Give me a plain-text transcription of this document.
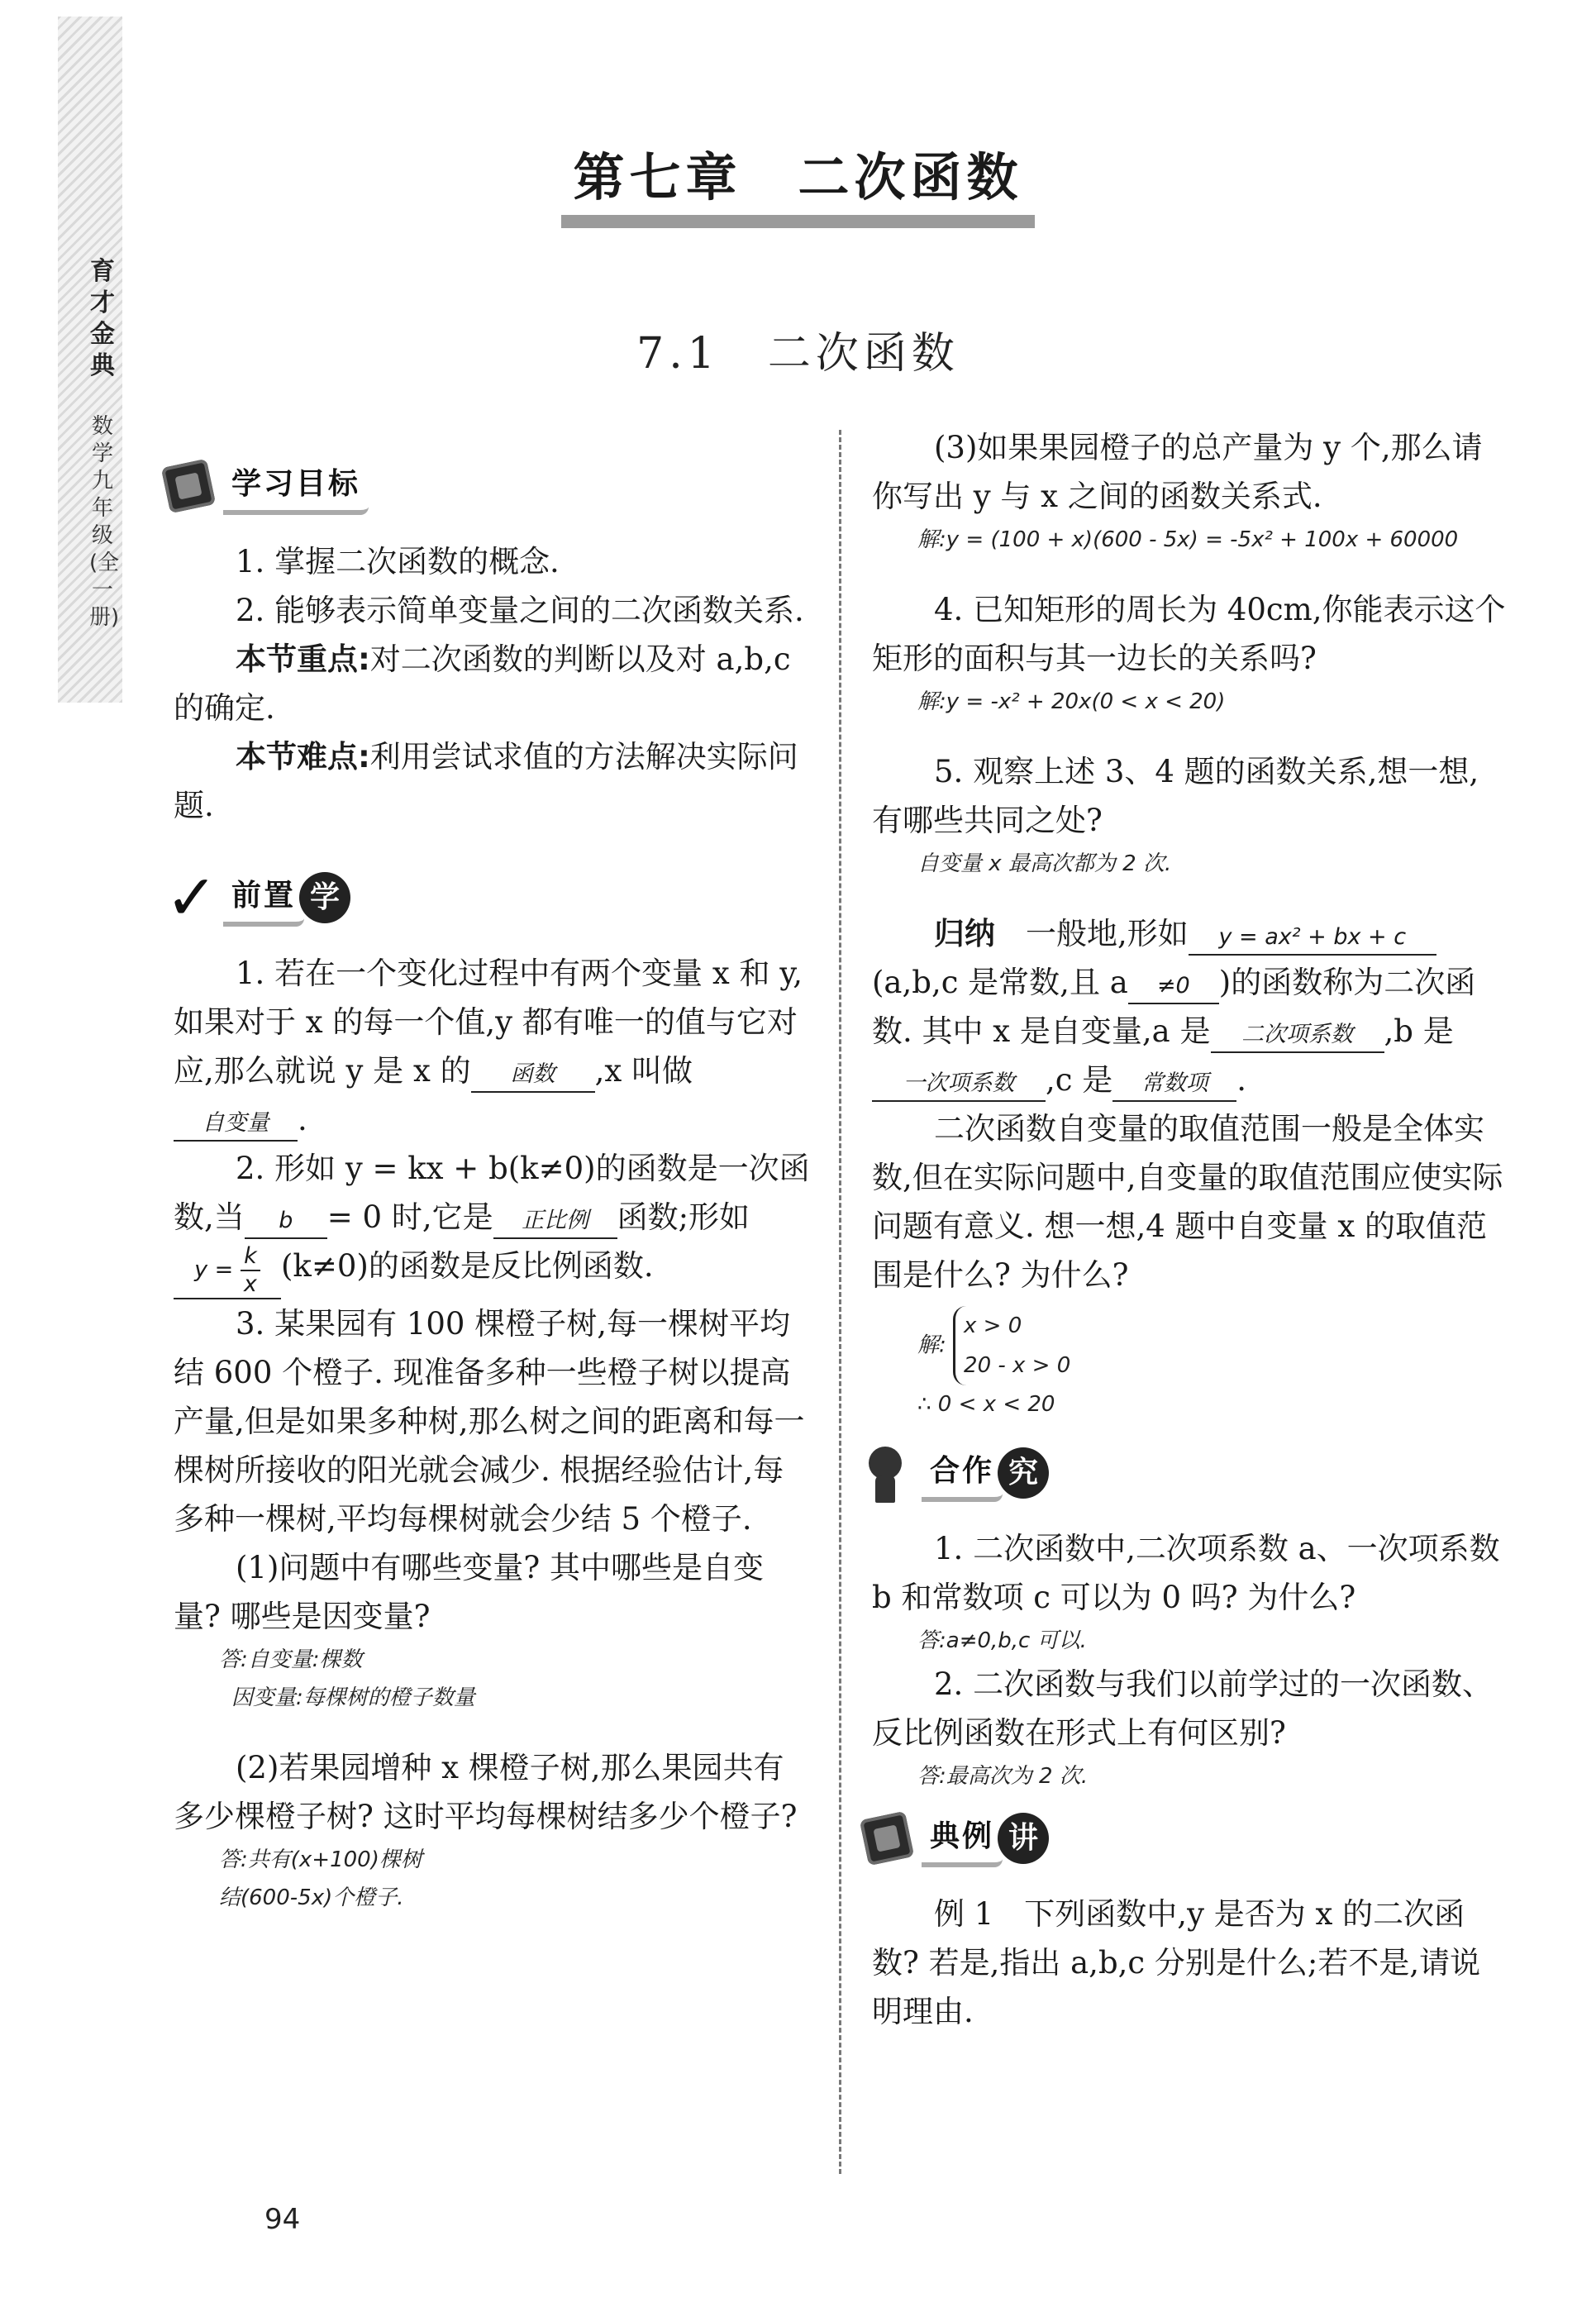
育才金典
数学 九年级(全一册)
第七章　二次函数
7.1　二次函数
学习目标

1. 掌握二次函数的概念.

2. 能够表示简单变量之间的二次函数关系.

本节重点:对二次函数的判断以及对 a,b,c 的确定.

本节难点:利用尝试求值的方法解决实际问题.

✓ 前置 学

1. 若在一个变化过程中有两个变量 x 和 y,如果对于 x 的每一个值,y 都有唯一的值与它对应,那么就说 y 是 x 的 函数 ,x 叫做自变量 .

2. 形如 y = kx + b(k≠0)的函数是一次函数,当 b = 0 时,它是 正比例 函数;形如 $y = \frac{k}{x} (k\ne 0)$的函数是反比例函数.

3. 某果园有 100 棵橙子树,每一棵树平均结 600 个橙子. 现准备多种一些橙子树以提高产量,但是如果多种树,那么树之间的距离和每一棵树所接收的阳光就会减少. 根据经验估计,每多种一棵树,平均每棵树就会少结 5 个橙子.

(1)问题中有哪些变量? 其中哪些是自变量? 哪些是因变量?

答:自变量:棵数
因变量:每棵树的橙子数量

(2)若果园增种 x 棵橙子树,那么果园共有多少棵橙子树? 这时平均每棵树结多少个橙子?

答:共有(x+100)棵树
结(600-5x)个橙子.

(3)如果果园橙子的总产量为 y 个,那么请你写出 y 与 x 之间的函数关系式.

解:y = (100 + x)(600 - 5x) = -5x² + 100x + 60000

4. 已知矩形的周长为 40cm,你能表示这个矩形的面积与其一边长的关系吗?

解:y = -x² + 20x(0 < x < 20)

5. 观察上述 3、4 题的函数关系,想一想,有哪些共同之处?

自变量 x 最高次都为 2 次.

归纳　 一般地,形如 y = ax² + bx + c(a,b,c 是常数,且 a ≠0 )的函数称为二次函数. 其中 x 是自变量,a 是 二次项系数 ,b 是一次项系数 ,c 是 常数项 .

二次函数自变量的取值范围一般是全体实数,但在实际问题中,自变量的取值范围应使实际问题有意义. 想一想,4 题中自变量 x 的取值范围是什么? 为什么?

解:
x > 0
20 - x > 0
∴ 0 < x < 20
合作 究

1. 二次函数中,二次项系数 a、一次项系数 b 和常数项 c 可以为 0 吗? 为什么?

答:a≠0,b,c 可以.

2. 二次函数与我们以前学过的一次函数、反比例函数在形式上有何区别?

答:最高次为 2 次.
典例 讲

例 1　下列函数中,y 是否为 x 的二次函数? 若是,指出 a,b,c 分别是什么;若不是,请说明理由.

94
